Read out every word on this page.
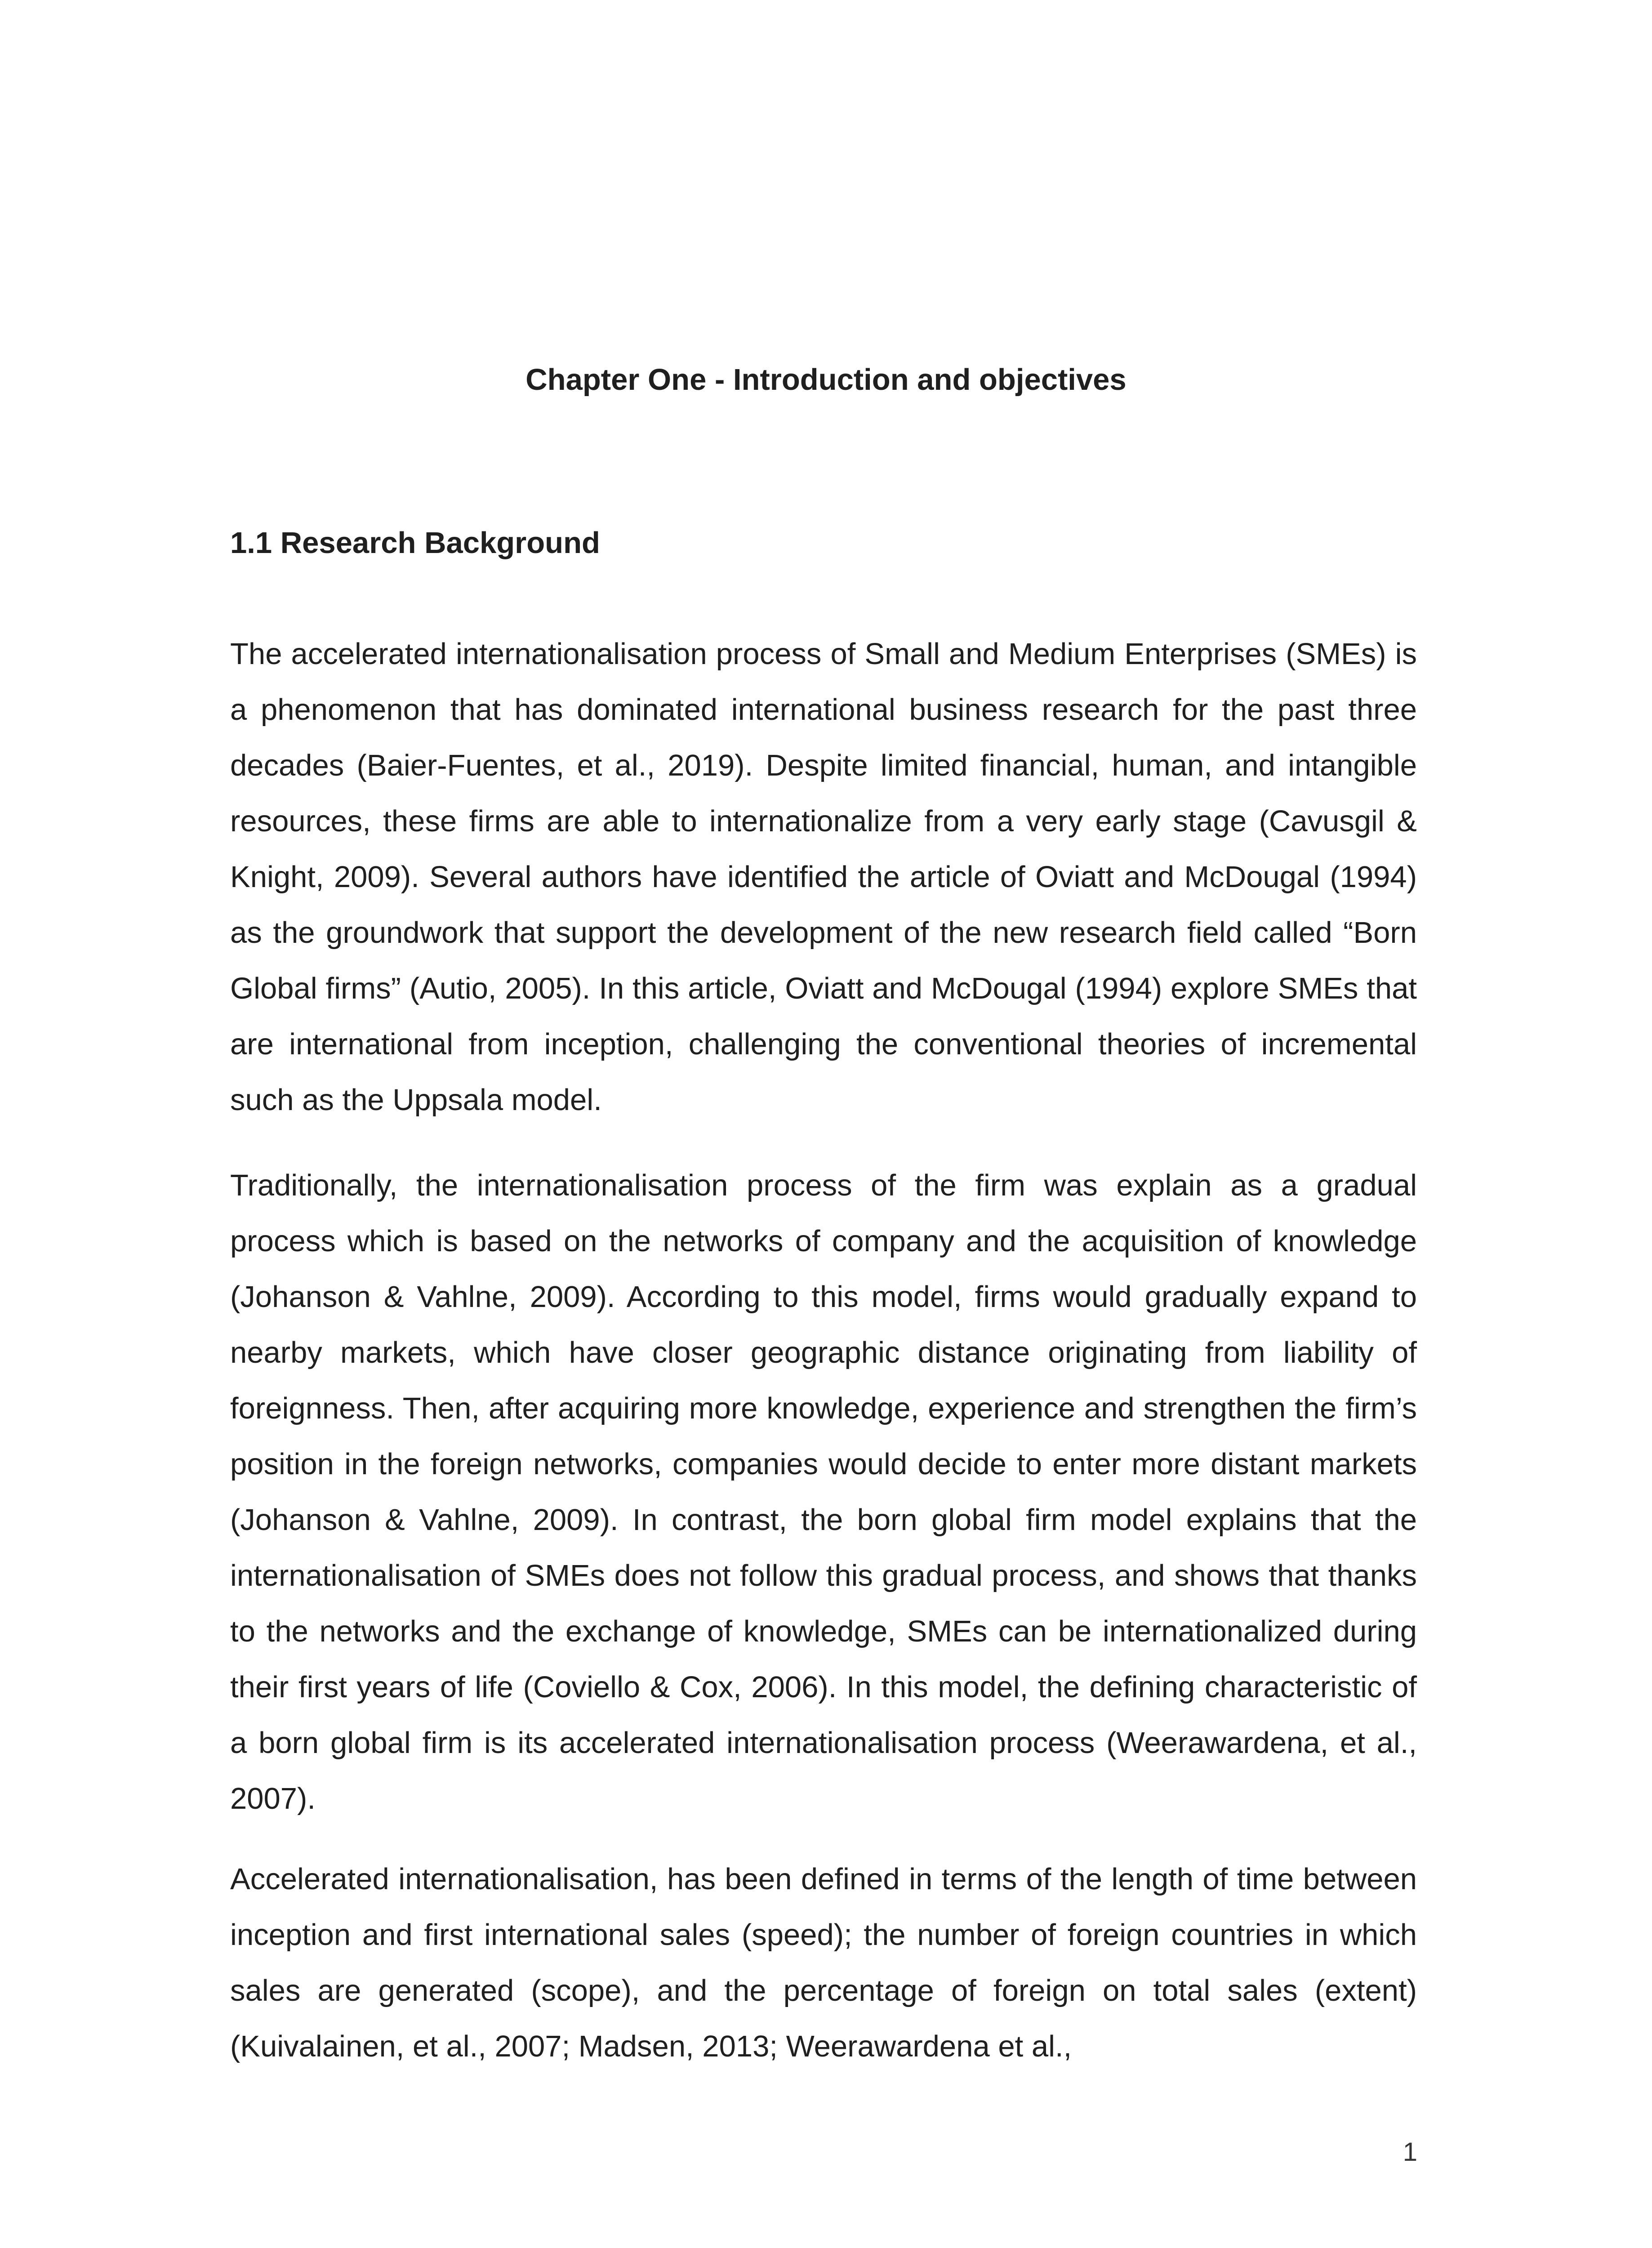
Chapter One - Introduction and objectives
1.1 Research Background

The accelerated internationalisation process of Small and Medium Enterprises (SMEs) is a phenomenon that has dominated international business research for the past three decades (Baier-Fuentes, et al., 2019). Despite limited financial, human, and intangible resources, these firms are able to internationalize from a very early stage (Cavusgil & Knight, 2009). Several authors have identified the article of Oviatt and McDougal (1994) as the groundwork that support the development of the new research field called “Born Global firms” (Autio, 2005). In this article, Oviatt and McDougal (1994) explore SMEs that are international from inception, challenging the conventional theories of incremental such as the Uppsala model.

Traditionally, the internationalisation process of the firm was explain as a gradual process which is based on the networks of company and the acquisition of knowledge (Johanson & Vahlne, 2009). According to this model, firms would gradually expand to nearby markets, which have closer geographic distance originating from liability of foreignness. Then, after acquiring more knowledge, experience and strengthen the firm’s position in the foreign networks, companies would decide to enter more distant markets (Johanson & Vahlne, 2009). In contrast, the born global firm model explains that the internationalisation of SMEs does not follow this gradual process, and shows that thanks to the networks and the exchange of knowledge, SMEs can be internationalized during their first years of life (Coviello & Cox, 2006). In this model, the defining characteristic of a born global firm is its accelerated internationalisation process (Weerawardena, et al., 2007).

Accelerated internationalisation, has been defined in terms of the length of time between inception and first international sales (speed); the number of foreign countries in which sales are generated (scope), and the percentage of foreign on total sales (extent) (Kuivalainen, et al., 2007; Madsen, 2013; Weerawardena et al.,

1
